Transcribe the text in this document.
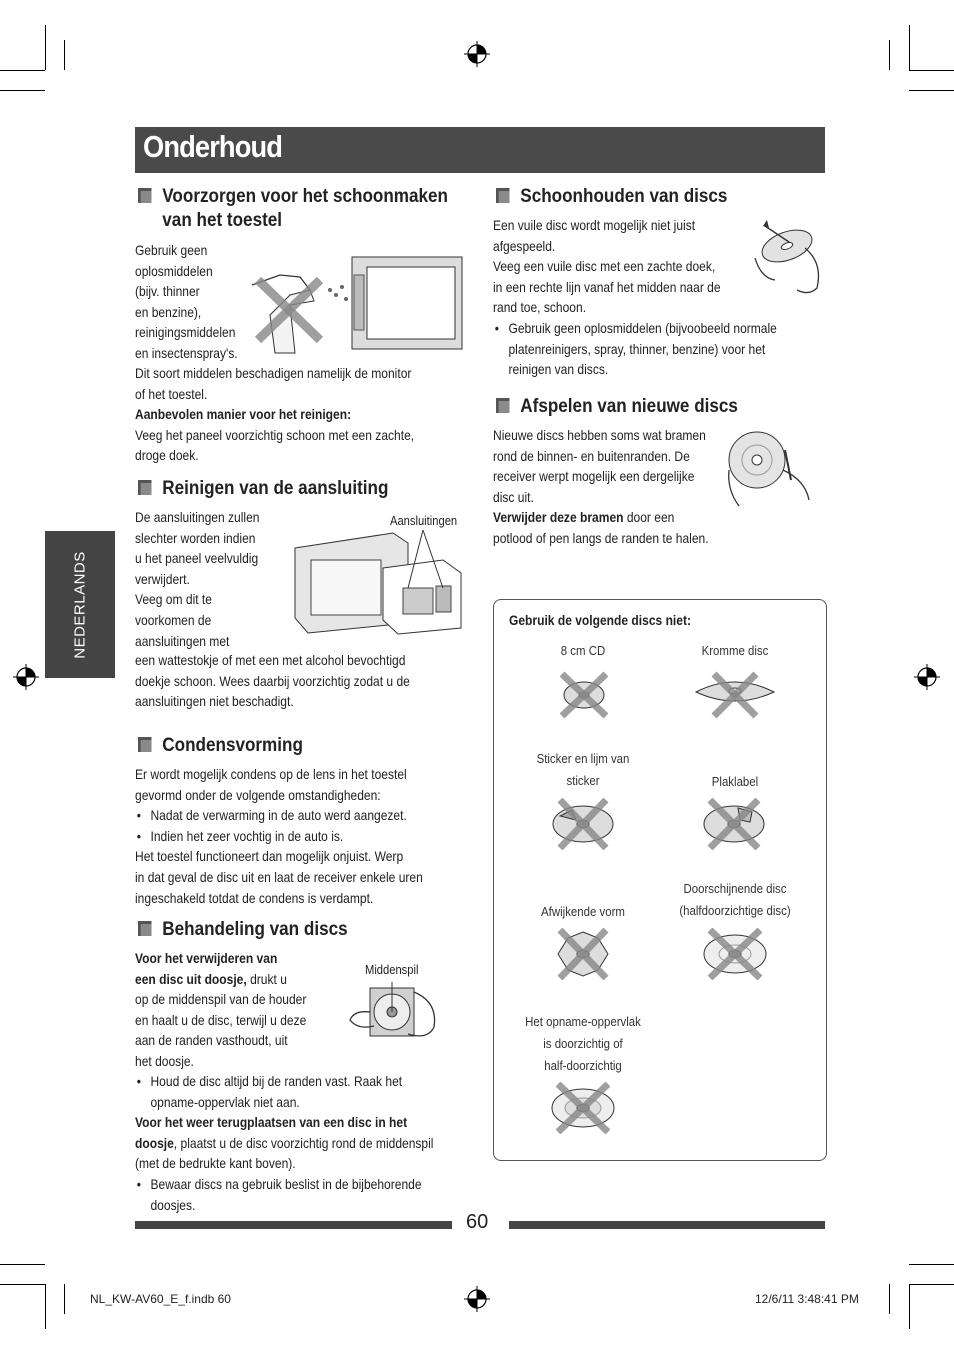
Onderhoud
NEDERLANDS
Voorzorgen voor het schoonmaken
van het toestel

Gebruik geen

oplosmiddelen

(bijv. thinner

en benzine),

reinigingsmiddelen

en insectenspray's.

Dit soort middelen beschadigen namelijk de monitor

of het toestel.

Aanbevolen manier voor het reinigen:

Veeg het paneel voorzichtig schoon met een zachte,

droge doek.

Reinigen van de aansluiting

De aansluitingen zullen

slechter worden indien

u het paneel veelvuldig

verwijdert.

Veeg om dit te

voorkomen de

aansluitingen met

een wattestokje of met een met alcohol bevochtigd

doekje schoon. Wees daarbij voorzichtig zodat u de

aansluitingen niet beschadigt.

Aansluitingen
Condensvorming

Er wordt mogelijk condens op de lens in het toestel

gevormd onder de volgende omstandigheden:

• Nadat de verwarming in de auto werd aangezet.
• Indien het zeer vochtig in de auto is.

Het toestel functioneert dan mogelijk onjuist. Werp

in dat geval de disc uit en laat de receiver enkele uren

ingeschakeld totdat de condens is verdampt.

Behandeling van discs

Voor het verwijderen van

een disc uit doosje, drukt u

op de middenspil van de houder

en haalt u de disc, terwijl u deze

aan de randen vasthoudt, uit

het doosje.

• Houd de disc altijd bij de randen vast. Raak het
opname-oppervlak niet aan.

Voor het weer terugplaatsen van een disc in het

doosje, plaatst u de disc voorzichtig rond de middenspil

(met de bedrukte kant boven).

• Bewaar discs na gebruik beslist in de bijbehorende
doosjes.
Middenspil
Schoonhouden van discs

Een vuile disc wordt mogelijk niet juist

afgespeeld.

Veeg een vuile disc met een zachte doek,

in een rechte lijn vanaf het midden naar de

rand toe, schoon.

• Gebruik geen oplosmiddelen (bijvoobeeld normale
platenreinigers, spray, thinner, benzine) voor het
reinigen van discs.
Afspelen van nieuwe discs

Nieuwe discs hebben soms wat bramen

rond de binnen- en buitenranden. De

receiver werpt mogelijk een dergelijke

disc uit.

Verwijder deze bramen door een

potlood of pen langs de randen te halen.

Gebruik de volgende discs niet:
8 cm CD	Kromme disc
Sticker en lijm van
sticker	Plaklabel
Afwijkende vorm
Doorschijnende disc
(halfdoorzichtige disc)
Het opname-oppervlak
is doorzichtig of
half-doorzichtig
60
NL_KW-AV60_E_f.indb 60	12/6/11 3:48:41 PM
